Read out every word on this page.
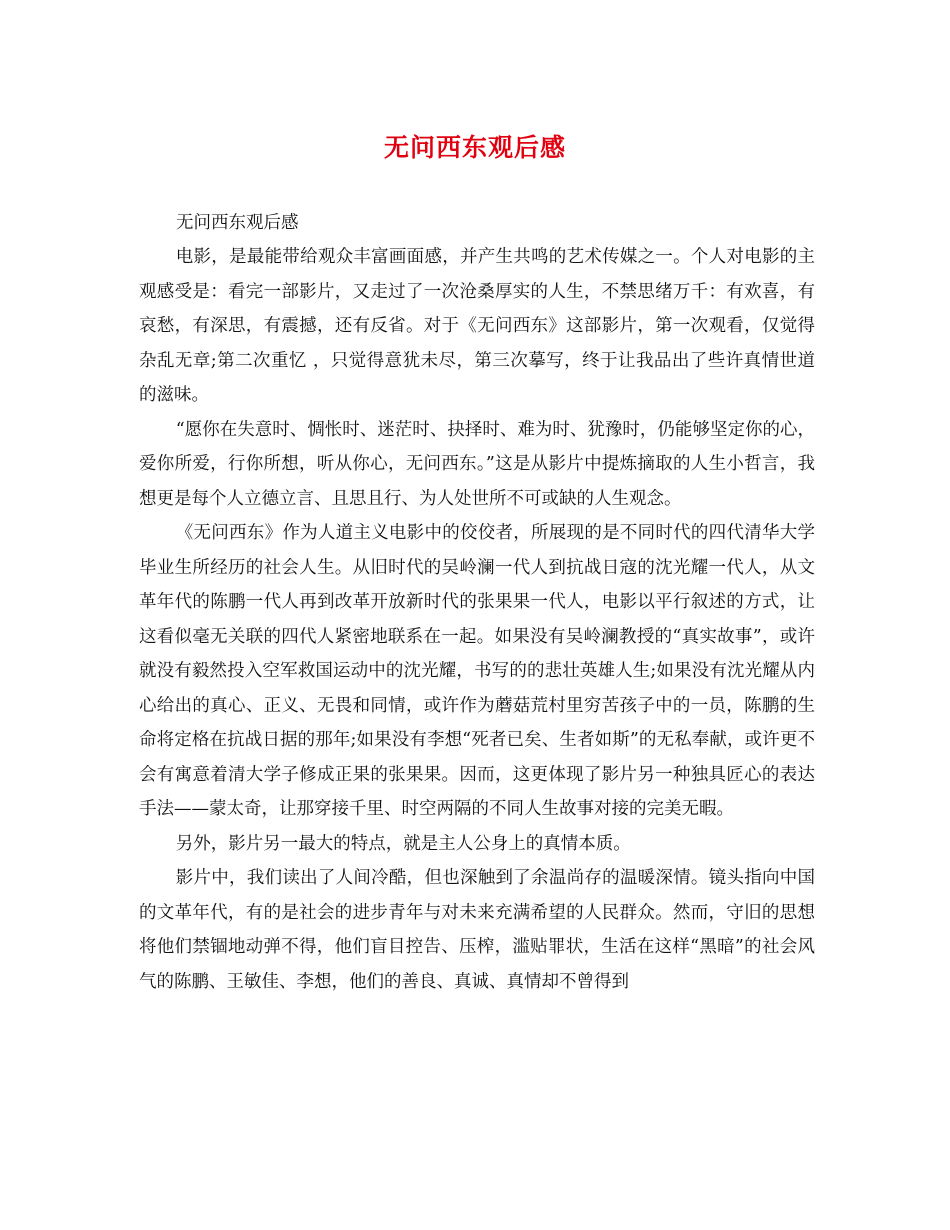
无问西东观后感
无问西东观后感

电影，是最能带给观众丰富画面感，并产生共鸣的艺术传媒之一。个人对电影的主观感受是：看完一部影片，又走过了一次沧桑厚实的人生，不禁思绪万千：有欢喜，有哀愁，有深思，有震撼，还有反省。对于《无问西东》这部影片，第一次观看，仅觉得杂乱无章;第二次重忆 ，只觉得意犹未尽，第三次摹写，终于让我品出了些许真情世道的滋味。

“愿你在失意时、惆怅时、迷茫时、抉择时、难为时、犹豫时，仍能够坚定你的心，爱你所爱，行你所想，听从你心，无问西东。”这是从影片中提炼摘取的人生小哲言，我想更是每个人立德立言、且思且行、为人处世所不可或缺的人生观念。

《无问西东》作为人道主义电影中的佼佼者，所展现的是不同时代的四代清华大学毕业生所经历的社会人生。从旧时代的吴岭澜一代人到抗战日寇的沈光耀一代人，从文革年代的陈鹏一代人再到改革开放新时代的张果果一代人，电影以平行叙述的方式，让这看似毫无关联的四代人紧密地联系在一起。如果没有吴岭澜教授的“真实故事”，或许就没有毅然投入空军救国运动中的沈光耀，书写的的悲壮英雄人生;如果没有沈光耀从内心给出的真心、正义、无畏和同情，或许作为蘑菇荒村里穷苦孩子中的一员，陈鹏的生命将定格在抗战日据的那年;如果没有李想“死者已矣、生者如斯”的无私奉献，或许更不会有寓意着清大学子修成正果的张果果。因而，这更体现了影片另一种独具匠心的表达手法——蒙太奇，让那穿接千里、时空两隔的不同人生故事对接的完美无暇。

另外，影片另一最大的特点，就是主人公身上的真情本质。

影片中，我们读出了人间冷酷，但也深触到了余温尚存的温暖深情。镜头指向中国的文革年代，有的是社会的进步青年与对未来充满希望的人民群众。然而，守旧的思想将他们禁锢地动弹不得，他们盲目控告、压榨，滥贴罪状，生活在这样“黑暗”的社会风气的陈鹏、王敏佳、李想，他们的善良、真诚、真情却不曾得到
